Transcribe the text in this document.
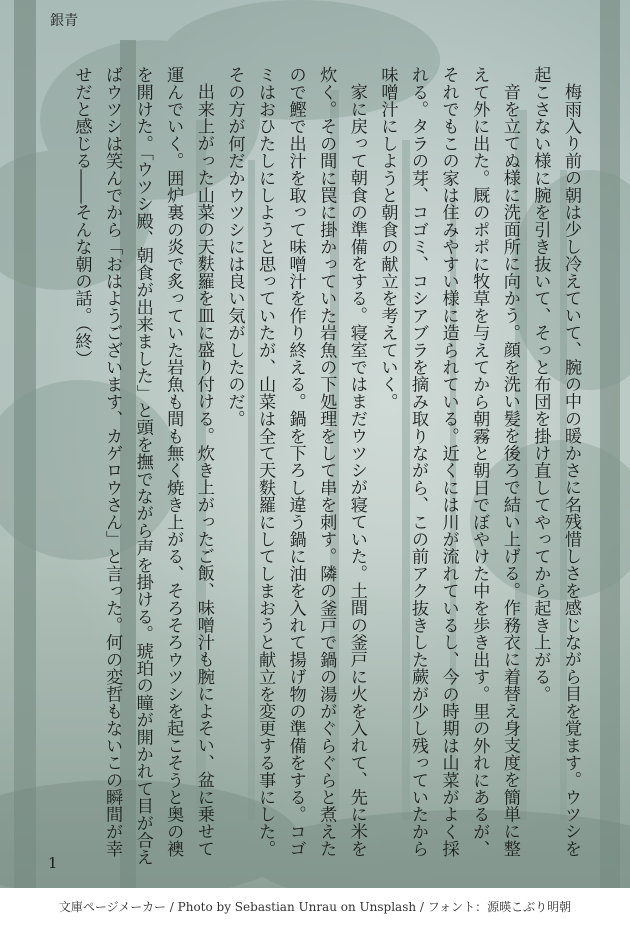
銀青

梅雨入り前の朝は少し冷えていて、腕の中の暖かさに名残惜しさを感じながら目を覚ます。ウツシを起こさない様に腕を引き抜いて、そっと布団を掛け直してやってから起き上がる。

音を立てぬ様に洗面所に向かう。顔を洗い髪を後ろで結い上げる。作務衣に着替え身支度を簡単に整えて外に出た。厩のポポに牧草を与えてから朝霧と朝日でぼやけた中を歩き出す。里の外れにあるが、それでもこの家は住みやすい様に造られている。近くには川が流れているし、今の時期は山菜がよく採れる。タラの芽、コゴミ、コシアブラを摘み取りながら、この前アク抜きした蕨が少し残っていたから味噌汁にしようと朝食の献立を考えていく。

家に戻って朝食の準備をする。寝室ではまだウツシが寝ていた。土間の釜戸に火を入れて、先に米を炊く。その間に罠に掛かっていた岩魚の下処理をして串を刺す。隣の釜戸で鍋の湯がぐらぐらと煮えたので鰹で出汁を取って味噌汁を作り終える。鍋を下ろし違う鍋に油を入れて揚げ物の準備をする。コゴミはおひたしにしようと思っていたが、山菜は全て天麩羅にしてしまおうと献立を変更する事にした。その方が何だかウツシには良い気がしたのだ。

出来上がった山菜の天麩羅を皿に盛り付ける。炊き上がったご飯、味噌汁も腕によそい、盆に乗せて運んでいく。囲炉裏の炎で炙っていた岩魚も間も無く焼き上がる、そろそろウツシを起こそうと奥の襖を開けた。「ウツシ殿、朝食が出来ました」と頭を撫でながら声を掛ける。琥珀の瞳が開かれて目が合えばウツシは笑んでから「おはようございます、カゲロウさん」と言った。何の変哲もないこの瞬間が幸せだと感じる――そんな朝の話。（終）

1
文庫ページメーカー / Photo by Sebastian Unrau on Unsplash / フォント：源暎こぶり明朝
